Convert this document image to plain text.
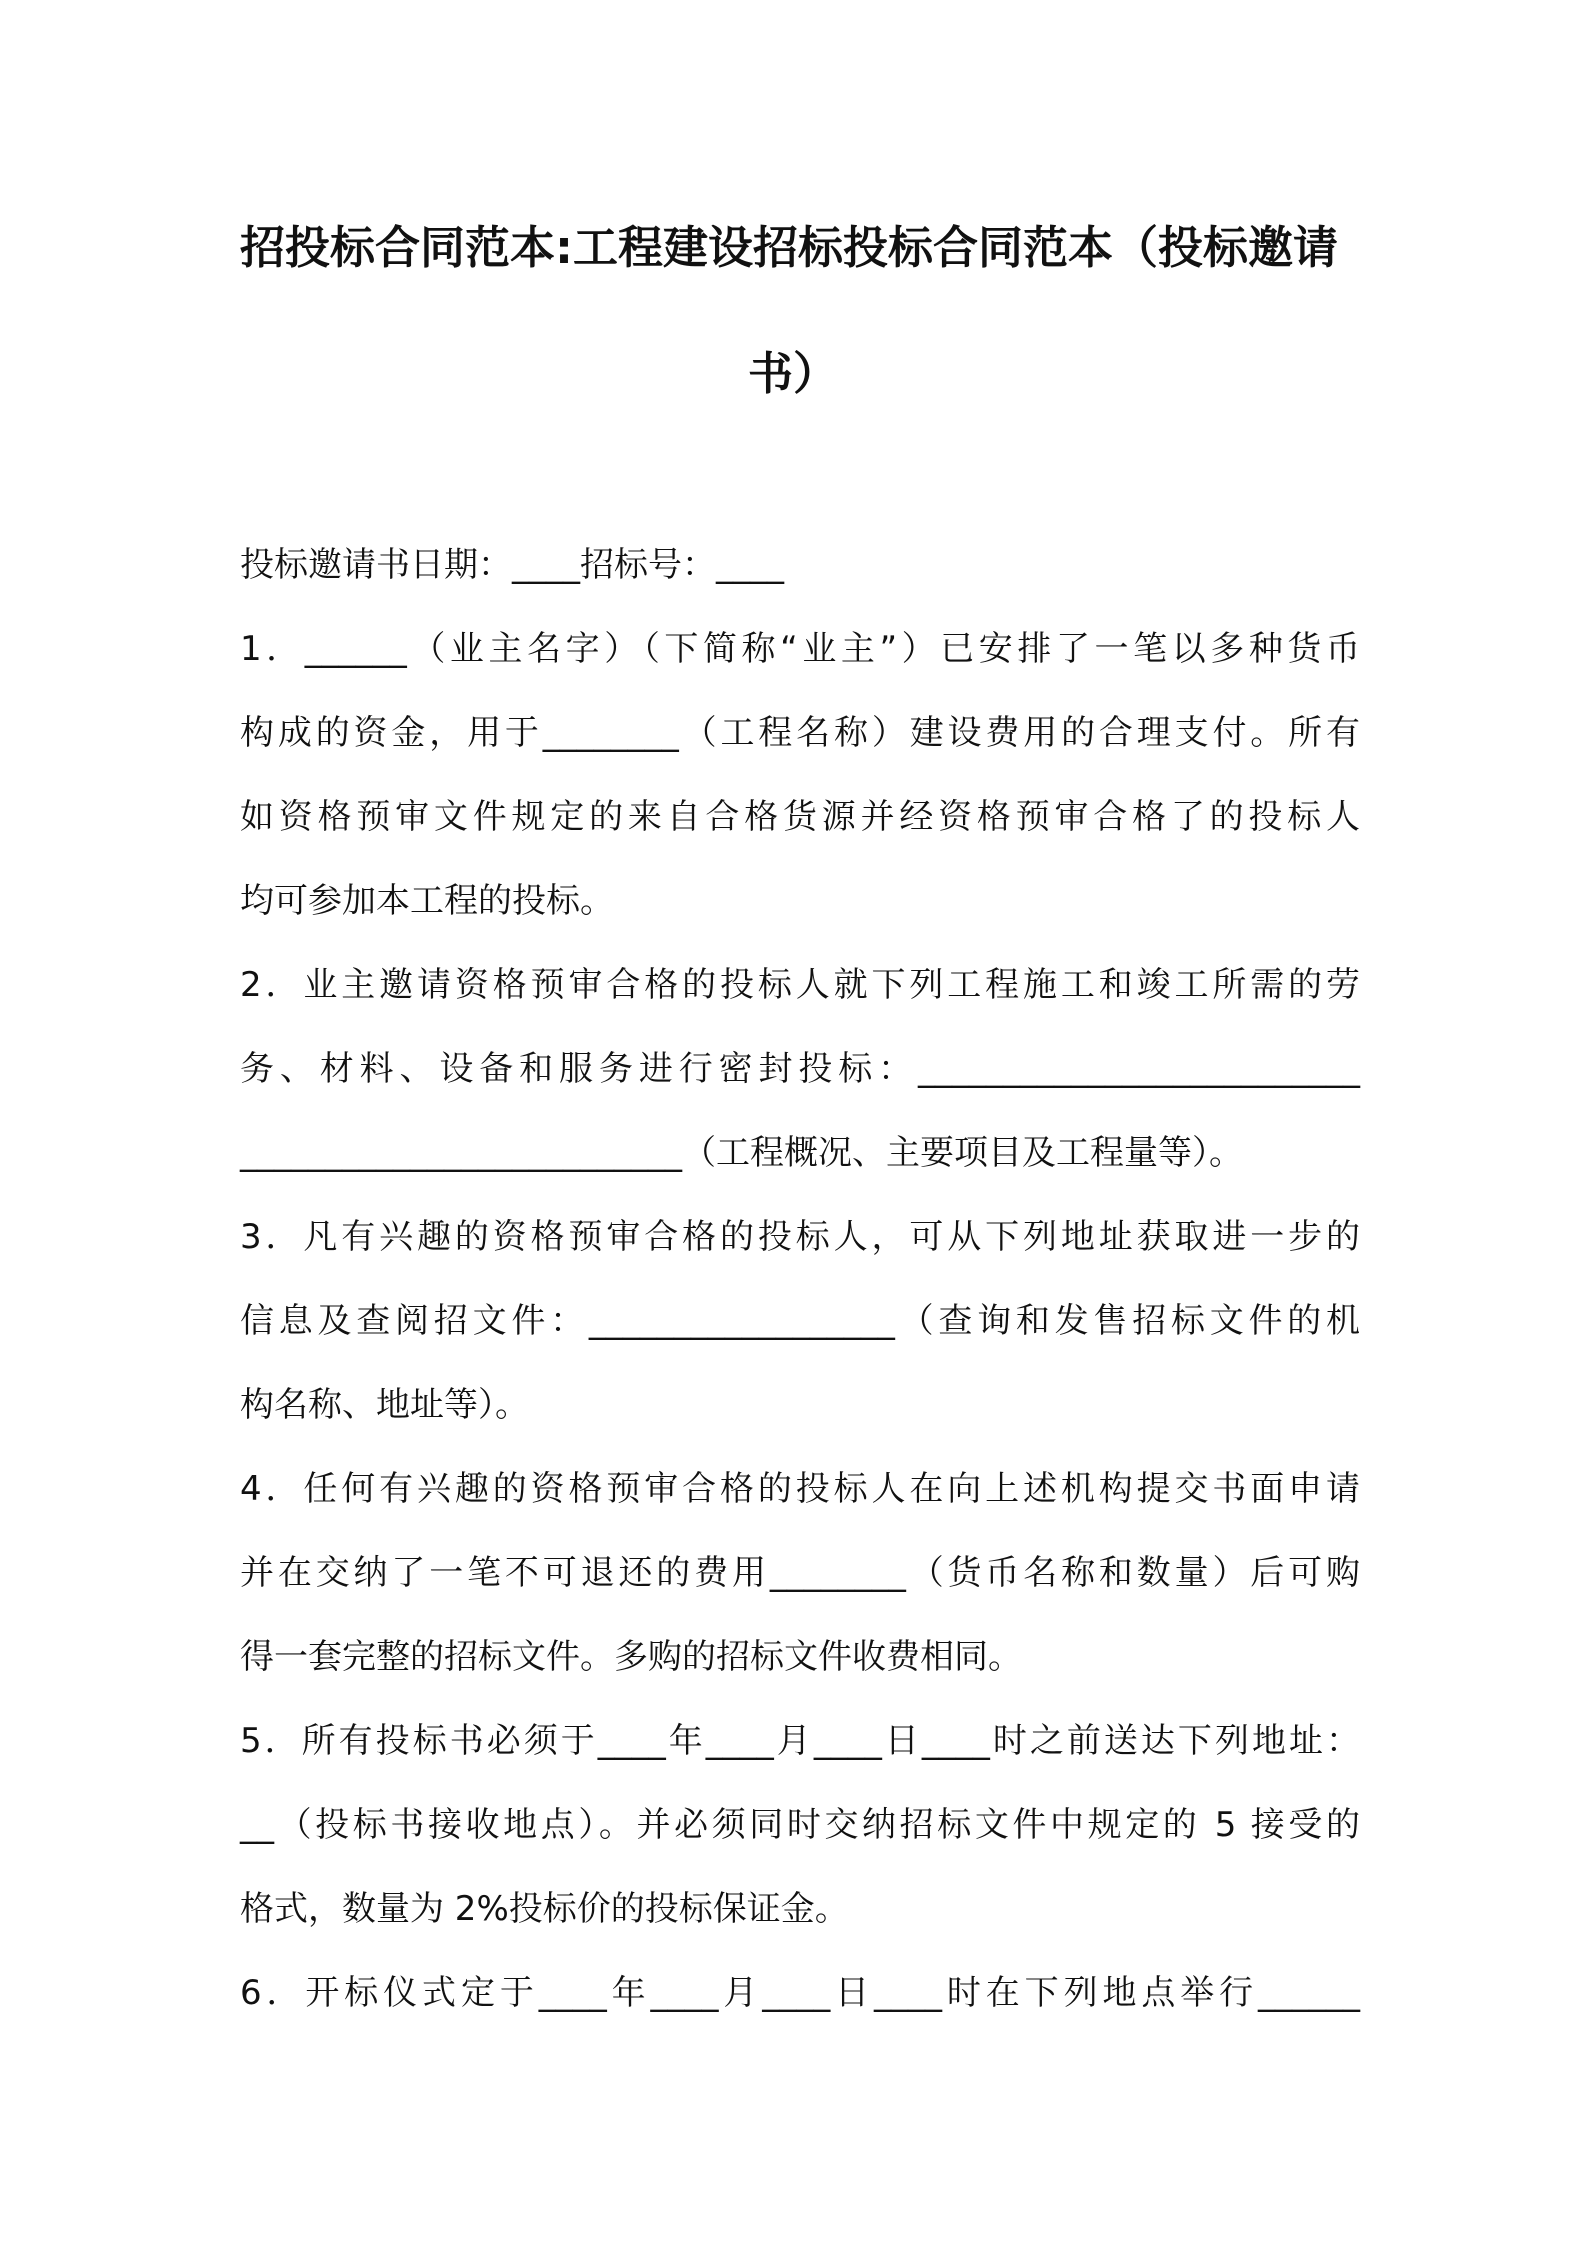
招投标合同范本:工程建设招标投标合同范本（投标邀请
书）

投标邀请书日期：____招标号：____

1．______（业主名字）（下简称“业主”）已安排了一笔以多种货币

构成的资金，用于________（工程名称）建设费用的合理支付。所有

如资格预审文件规定的来自合格货源并经资格预审合格了的投标人

均可参加本工程的投标。

2．业主邀请资格预审合格的投标人就下列工程施工和竣工所需的劳

务、材料、设备和服务进行密封投标：__________________________

__________________________（工程概况、主要项目及工程量等）。

3．凡有兴趣的资格预审合格的投标人，可从下列地址获取进一步的

信息及查阅招文件：__________________（查询和发售招标文件的机

构名称、地址等）。

4．任何有兴趣的资格预审合格的投标人在向上述机构提交书面申请

并在交纳了一笔不可退还的费用________（货币名称和数量）后可购

得一套完整的招标文件。多购的招标文件收费相同。

5．所有投标书必须于____年____月____日____时之前送达下列地址：

__（投标书接收地点）。并必须同时交纳招标文件中规定的 5 接受的

格式，数量为 2%投标价的投标保证金。

6．开标仪式定于____年____月____日____时在下列地点举行______
